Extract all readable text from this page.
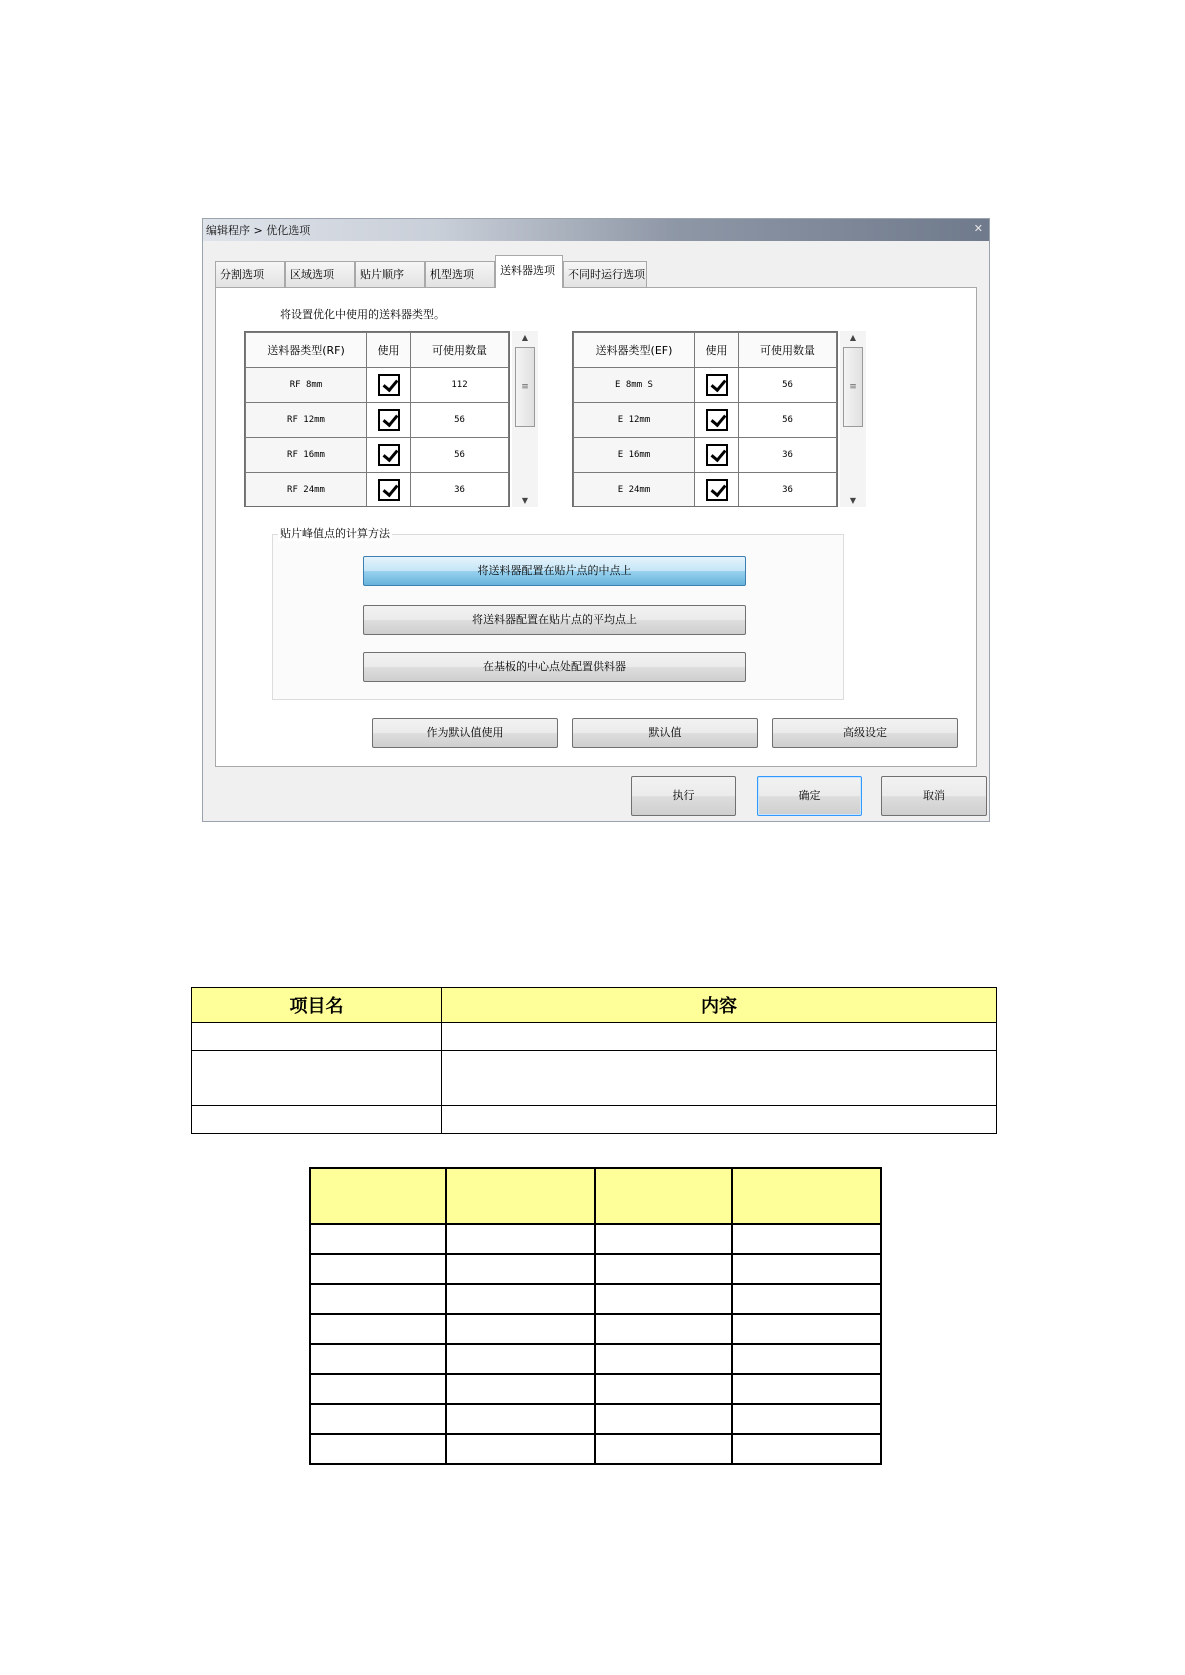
编辑程序 > 优化选项	✕
分割选项	区域选项	贴片顺序	机型选项	送料器选项	不同时运行选项
将设置优化中使用的送料器类型。
送料器类型(RF)	使用	可使用数量
RF 8mm		112
RF 12mm		56
RF 16mm		56
RF 24mm		36
▲
≡
▼
送料器类型(EF)	使用	可使用数量
E 8mm S		56
E 12mm		56
E 16mm		36
E 24mm		36
▲
≡
▼
贴片峰值点的计算方法
将送料器配置在贴片点的中点上
将送料器配置在贴片点的平均点上
在基板的中心点处配置供料器
作为默认值使用	默认值	高级设定
执行	确定	取消
项目名	内容
